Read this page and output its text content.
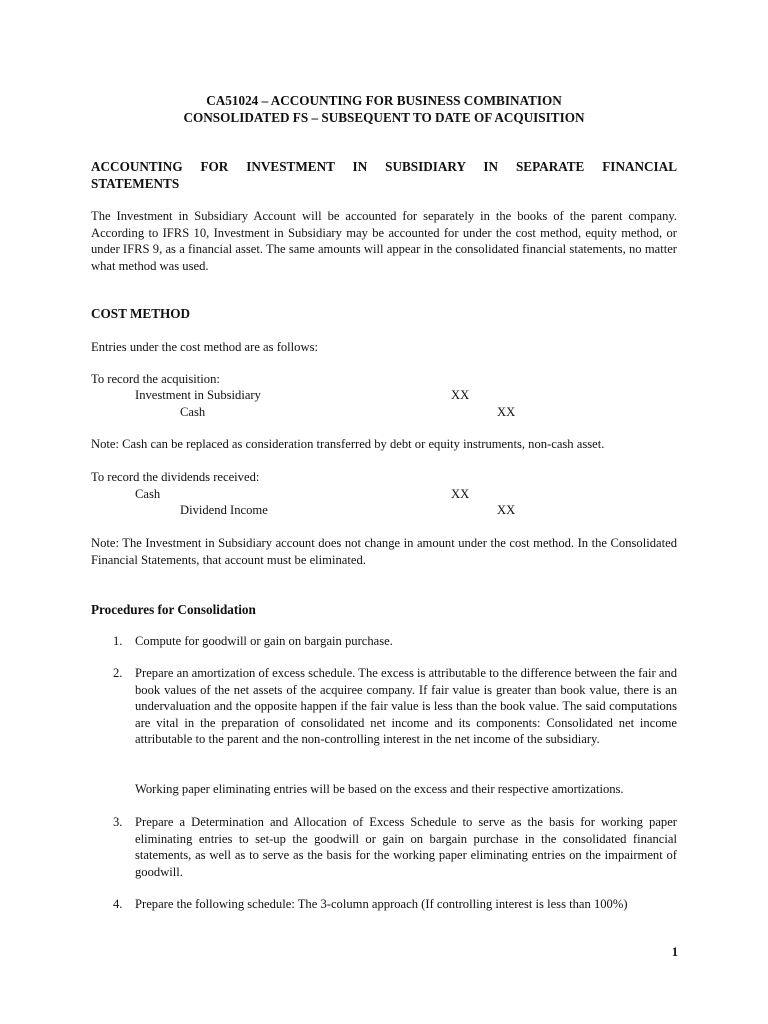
CA51024 – ACCOUNTING FOR BUSINESS COMBINATION
CONSOLIDATED FS – SUBSEQUENT TO DATE OF ACQUISITION
ACCOUNTING FOR INVESTMENT IN SUBSIDIARY IN SEPARATE FINANCIAL
STATEMENTS
The Investment in Subsidiary Account will be accounted for separately in the books of the parent company. According to IFRS 10, Investment in Subsidiary may be accounted for under the cost method, equity method, or under IFRS 9, as a financial asset. The same amounts will appear in the consolidated financial statements, no matter what method was used.
COST METHOD
Entries under the cost method are as follows:
To record the acquisition:
Investment in Subsidiary	XX
Cash	XX
Note: Cash can be replaced as consideration transferred by debt or equity instruments, non-cash asset.
To record the dividends received:
Cash	XX
Dividend Income	XX
Note: The Investment in Subsidiary account does not change in amount under the cost method. In the Consolidated Financial Statements, that account must be eliminated.
Procedures for Consolidation
1. Compute for goodwill or gain on bargain purchase.
2. Prepare an amortization of excess schedule. The excess is attributable to the difference between the fair and book values of the net assets of the acquiree company. If fair value is greater than book value, there is an undervaluation and the opposite happen if the fair value is less than the book value. The said computations are vital in the preparation of consolidated net income and its components: Consolidated net income attributable to the parent and the non-controlling interest in the net income of the subsidiary.
Working paper eliminating entries will be based on the excess and their respective amortizations.
3. Prepare a Determination and Allocation of Excess Schedule to serve as the basis for working paper eliminating entries to set-up the goodwill or gain on bargain purchase in the consolidated financial statements, as well as to serve as the basis for the working paper eliminating entries on the impairment of goodwill.
4. Prepare the following schedule: The 3-column approach (If controlling interest is less than 100%)
1
